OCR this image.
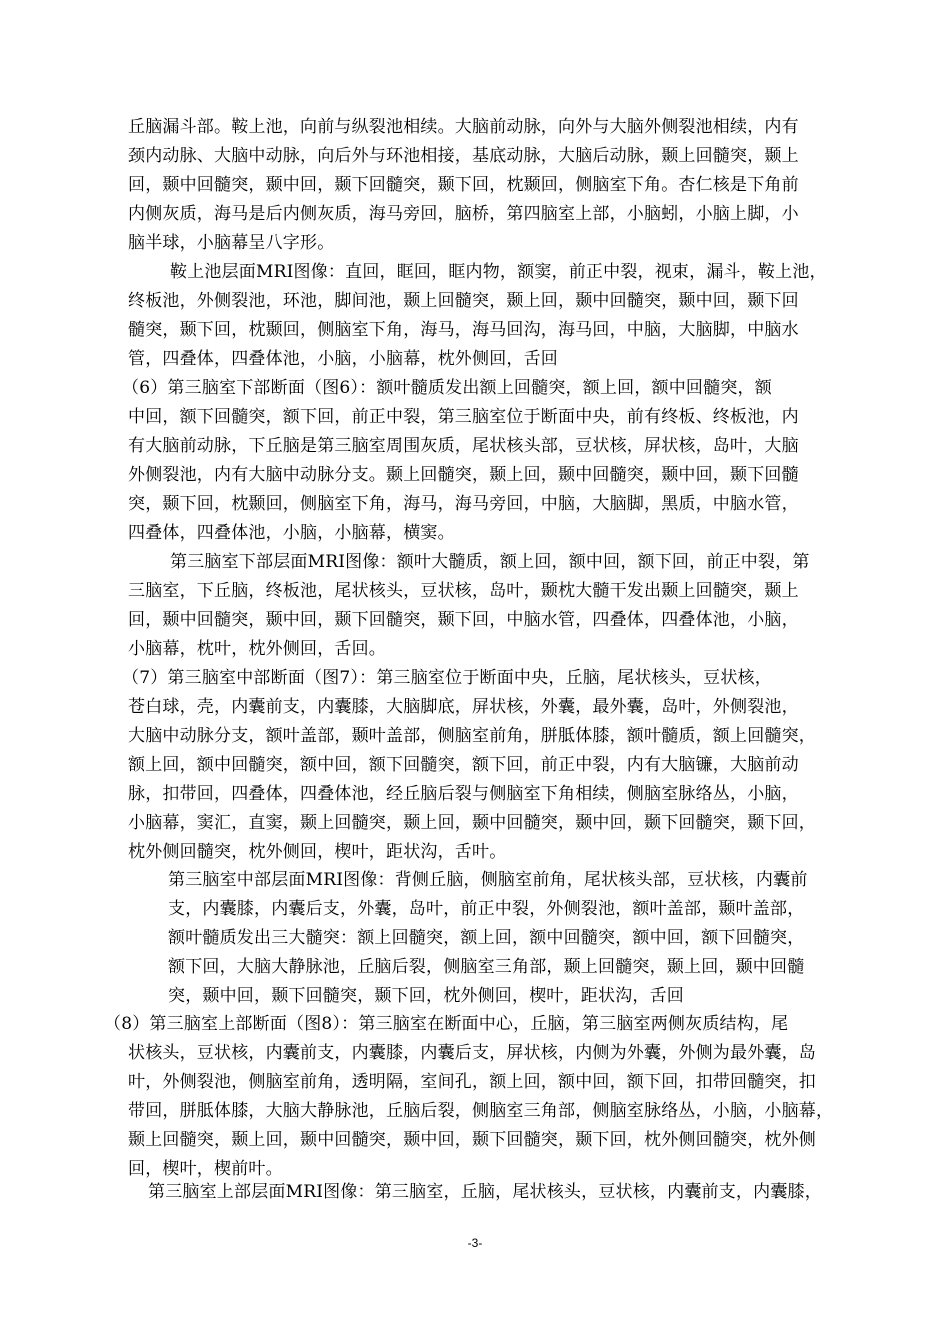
丘脑漏斗部。鞍上池，向前与纵裂池相续。大脑前动脉，向外与大脑外侧裂池相续，内有
颈内动脉、大脑中动脉，向后外与环池相接，基底动脉，大脑后动脉，颞上回髓突，颞上
回，颞中回髓突，颞中回，颞下回髓突，颞下回，枕颞回，侧脑室下角。杏仁核是下角前
内侧灰质，海马是后内侧灰质，海马旁回，脑桥，第四脑室上部，小脑蚓，小脑上脚，小
脑半球，小脑幕呈八字形。
鞍上池层面MRI图像：直回，眶回，眶内物，额窦，前正中裂，视束，漏斗，鞍上池，
终板池，外侧裂池，环池，脚间池，颞上回髓突，颞上回，颞中回髓突，颞中回，颞下回
髓突，颞下回，枕颞回，侧脑室下角，海马，海马回沟，海马回，中脑，大脑脚，中脑水
管，四叠体，四叠体池，小脑，小脑幕，枕外侧回，舌回
（6）第三脑室下部断面（图6）：额叶髓质发出额上回髓突，额上回，额中回髓突，额
中回，额下回髓突，额下回，前正中裂，第三脑室位于断面中央，前有终板、终板池，内
有大脑前动脉，下丘脑是第三脑室周围灰质，尾状核头部，豆状核，屏状核，岛叶，大脑
外侧裂池，内有大脑中动脉分支。颞上回髓突，颞上回，颞中回髓突，颞中回，颞下回髓
突，颞下回，枕颞回，侧脑室下角，海马，海马旁回，中脑，大脑脚，黑质，中脑水管，
四叠体，四叠体池，小脑，小脑幕，横窦。
第三脑室下部层面MRI图像：额叶大髓质，额上回，额中回，额下回，前正中裂，第
三脑室，下丘脑，终板池，尾状核头，豆状核，岛叶，颞枕大髓干发出颞上回髓突，颞上
回，颞中回髓突，颞中回，颞下回髓突，颞下回，中脑水管，四叠体，四叠体池，小脑，
小脑幕，枕叶，枕外侧回，舌回。
（7）第三脑室中部断面（图7）：第三脑室位于断面中央，丘脑，尾状核头，豆状核，
苍白球，壳，内囊前支，内囊膝，大脑脚底，屏状核，外囊，最外囊，岛叶，外侧裂池，
大脑中动脉分支，额叶盖部，颞叶盖部，侧脑室前角，胼胝体膝，额叶髓质，额上回髓突，
额上回，额中回髓突，额中回，额下回髓突，额下回，前正中裂，内有大脑镰，大脑前动
脉，扣带回，四叠体，四叠体池，经丘脑后裂与侧脑室下角相续，侧脑室脉络丛，小脑，
小脑幕，窦汇，直窦，颞上回髓突，颞上回，颞中回髓突，颞中回，颞下回髓突，颞下回，
枕外侧回髓突，枕外侧回，楔叶，距状沟，舌叶。
第三脑室中部层面MRI图像：背侧丘脑，侧脑室前角，尾状核头部，豆状核，内囊前
支，内囊膝，内囊后支，外囊，岛叶，前正中裂，外侧裂池，额叶盖部，颞叶盖部，
额叶髓质发出三大髓突：额上回髓突，额上回，额中回髓突，额中回，额下回髓突，
额下回，大脑大静脉池，丘脑后裂，侧脑室三角部，颞上回髓突，颞上回，颞中回髓
突，颞中回，颞下回髓突，颞下回，枕外侧回，楔叶，距状沟，舌回
（8）第三脑室上部断面（图8）：第三脑室在断面中心，丘脑，第三脑室两侧灰质结构，尾
状核头，豆状核，内囊前支，内囊膝，内囊后支，屏状核，内侧为外囊，外侧为最外囊，岛
叶，外侧裂池，侧脑室前角，透明隔，室间孔，额上回，额中回，额下回，扣带回髓突，扣
带回，胼胝体膝，大脑大静脉池，丘脑后裂，侧脑室三角部，侧脑室脉络丛，小脑，小脑幕，
颞上回髓突，颞上回，颞中回髓突，颞中回，颞下回髓突，颞下回，枕外侧回髓突，枕外侧
回，楔叶，楔前叶。
第三脑室上部层面MRI图像：第三脑室，丘脑，尾状核头，豆状核，内囊前支，内囊膝，
-3-
